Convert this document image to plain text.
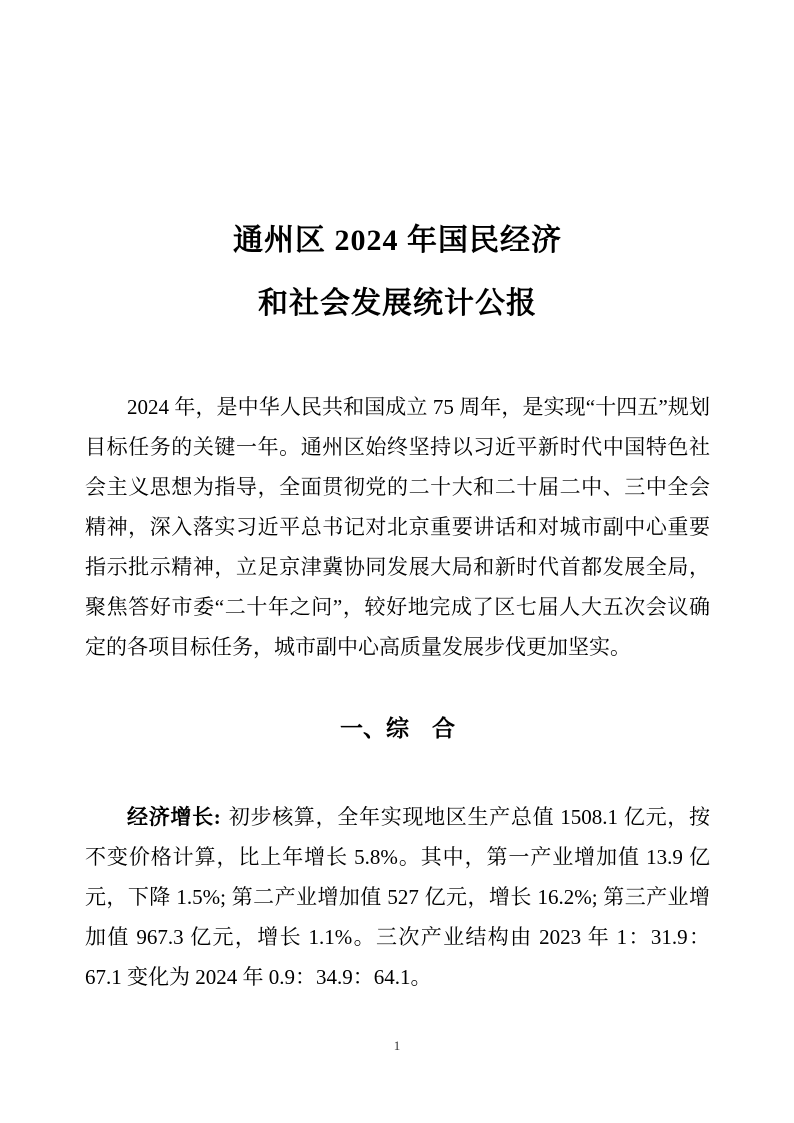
通州区 2024 年国民经济
和社会发展统计公报

2024 年，是中华人民共和国成立 75 周年，是实现“十四五”规划目标任务的关键一年。通州区始终坚持以习近平新时代中国特色社会主义思想为指导，全面贯彻党的二十大和二十届二中、三中全会精神，深入落实习近平总书记对北京重要讲话和对城市副中心重要指示批示精神，立足京津冀协同发展大局和新时代首都发展全局，聚焦答好市委“二十年之问”，较好地完成了区七届人大五次会议确定的各项目标任务，城市副中心高质量发展步伐更加坚实。

一、综　合

经济增长: 初步核算，全年实现地区生产总值 1508.1 亿元，按不变价格计算，比上年增长 5.8%。其中，第一产业增加值 13.9 亿元，下降 1.5%; 第二产业增加值 527 亿元，增长 16.2%; 第三产业增加值 967.3 亿元，增长 1.1%。三次产业结构由 2023 年 1：31.9：67.1 变化为 2024 年 0.9：34.9：64.1。

1
